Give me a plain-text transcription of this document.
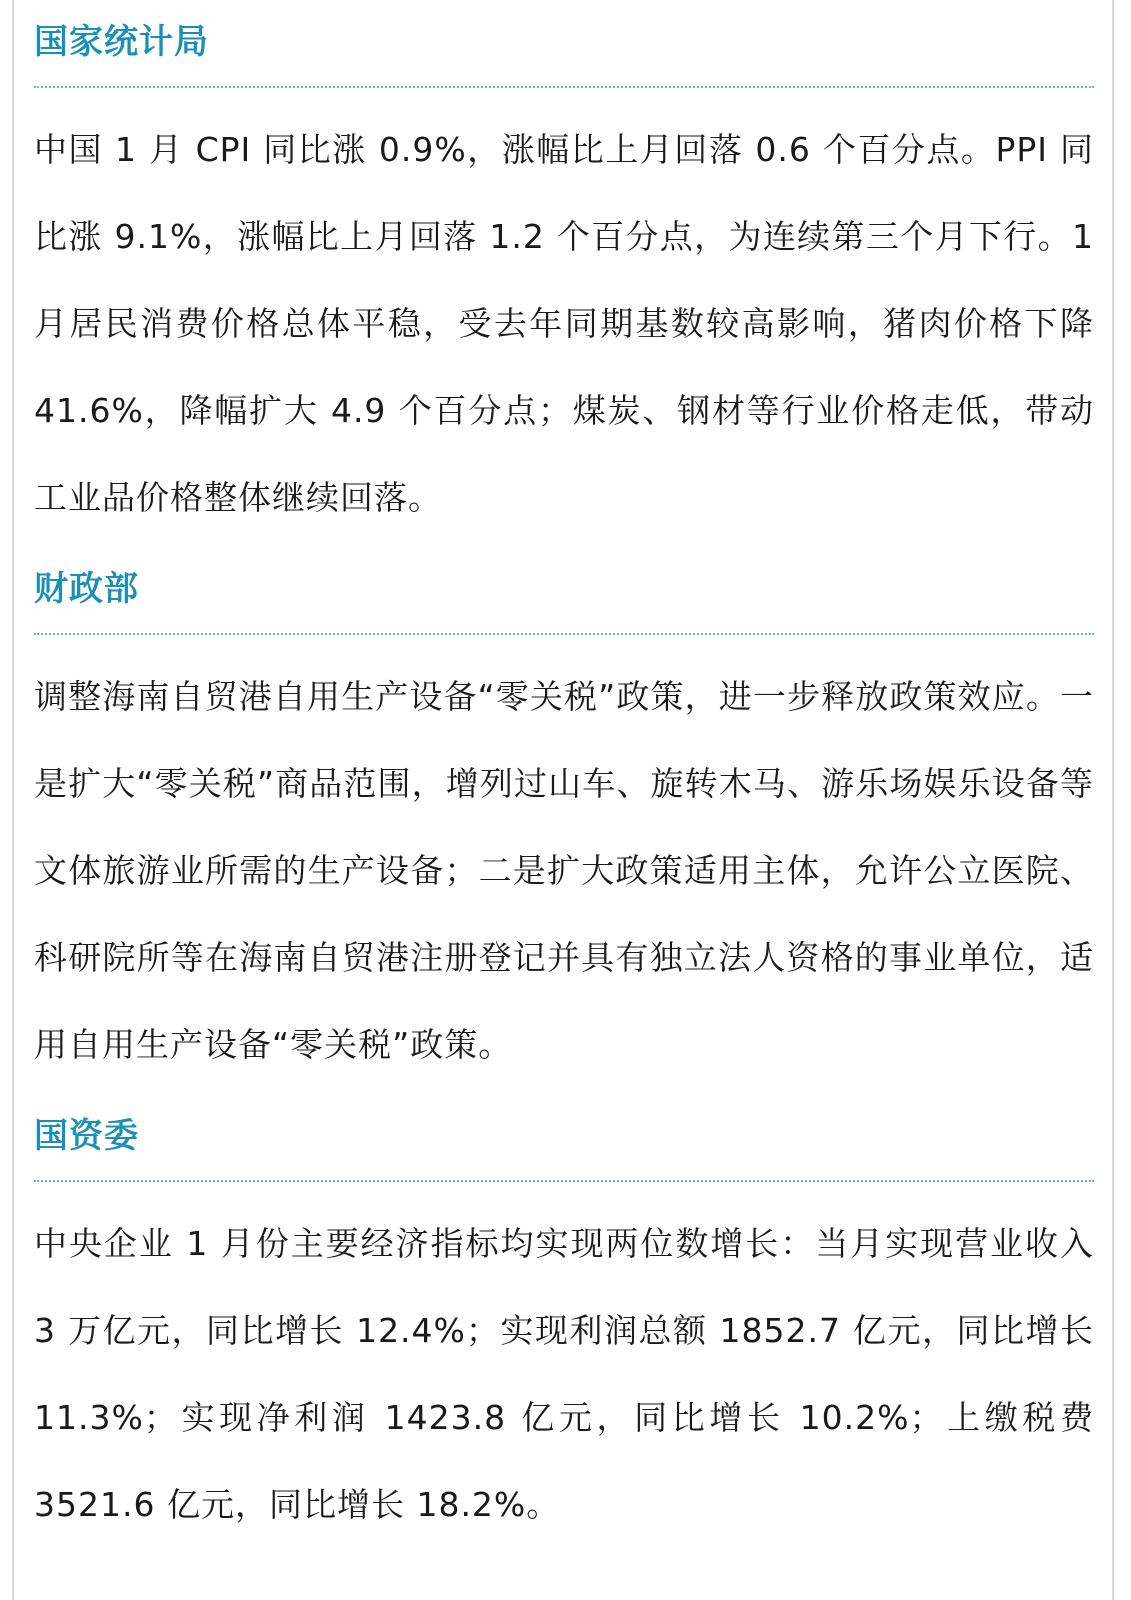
国家统计局

中国 1 月 CPI 同比涨 0.9%，涨幅比上月回落 0.6 个百分点。PPI 同比涨 9.1%，涨幅比上月回落 1.2 个百分点，为连续第三个月下行。1 月居民消费价格总体平稳，受去年同期基数较高影响，猪肉价格下降 41.6%，降幅扩大 4.9 个百分点；煤炭、钢材等行业价格走低，带动工业品价格整体继续回落。

财政部

调整海南自贸港自用生产设备“零关税”政策，进一步释放政策效应。一是扩大“零关税”商品范围，增列过山车、旋转木马、游乐场娱乐设备等文体旅游业所需的生产设备；二是扩大政策适用主体，允许公立医院、科研院所等在海南自贸港注册登记并具有独立法人资格的事业单位，适用自用生产设备“零关税”政策。

国资委

中央企业 1 月份主要经济指标均实现两位数增长：当月实现营业收入 3 万亿元，同比增长 12.4%；实现利润总额 1852.7 亿元，同比增长 11.3%；实现净利润 1423.8 亿元，同比增长 10.2%；上缴税费 3521.6 亿元，同比增长 18.2%。
